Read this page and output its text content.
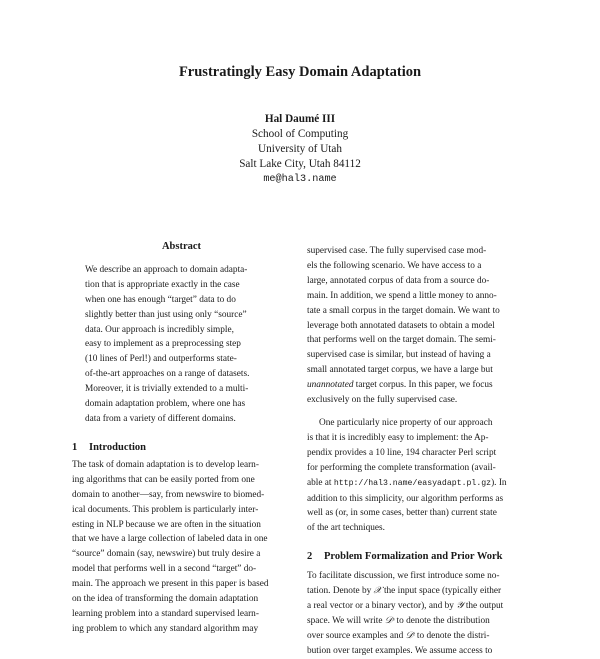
Frustratingly Easy Domain Adaptation
Hal Daumé III
School of Computing
University of Utah
Salt Lake City, Utah 84112
me@hal3.name
Abstract

We describe an approach to domain adapta-

tion that is appropriate exactly in the case

when one has enough “target” data to do

slightly better than just using only “source”

data. Our approach is incredibly simple,

easy to implement as a preprocessing step

(10 lines of Perl!) and outperforms state-

of-the-art approaches on a range of datasets.

Moreover, it is trivially extended to a multi-

domain adaptation problem, where one has

data from a variety of different domains.

1 Introduction

The task of domain adaptation is to develop learn-

ing algorithms that can be easily ported from one

domain to another—say, from newswire to biomed-

ical documents. This problem is particularly inter-

esting in NLP because we are often in the situation

that we have a large collection of labeled data in one

“source” domain (say, newswire) but truly desire a

model that performs well in a second “target” do-

main. The approach we present in this paper is based

on the idea of transforming the domain adaptation

learning problem into a standard supervised learn-

ing problem to which any standard algorithm may

supervised case. The fully supervised case mod-

els the following scenario. We have access to a

large, annotated corpus of data from a source do-

main. In addition, we spend a little money to anno-

tate a small corpus in the target domain. We want to

leverage both annotated datasets to obtain a model

that performs well on the target domain. The semi-

supervised case is similar, but instead of having a

small annotated target corpus, we have a large but

unannotated target corpus. In this paper, we focus

exclusively on the fully supervised case.

One particularly nice property of our approach

is that it is incredibly easy to implement: the Ap-

pendix provides a 10 line, 194 character Perl script

for performing the complete transformation (avail-

able at http://hal3.name/easyadapt.pl.gz). In

addition to this simplicity, our algorithm performs as

well as (or, in some cases, better than) current state

of the art techniques.

2 Problem Formalization and Prior Work

To facilitate discussion, we first introduce some no-

tation. Denote by 𝒳 the input space (typically either

a real vector or a binary vector), and by 𝒴 the output

space. We will write 𝒟ˢ to denote the distribution

over source examples and 𝒟ᵗ to denote the distri-

bution over target examples. We assume access to
